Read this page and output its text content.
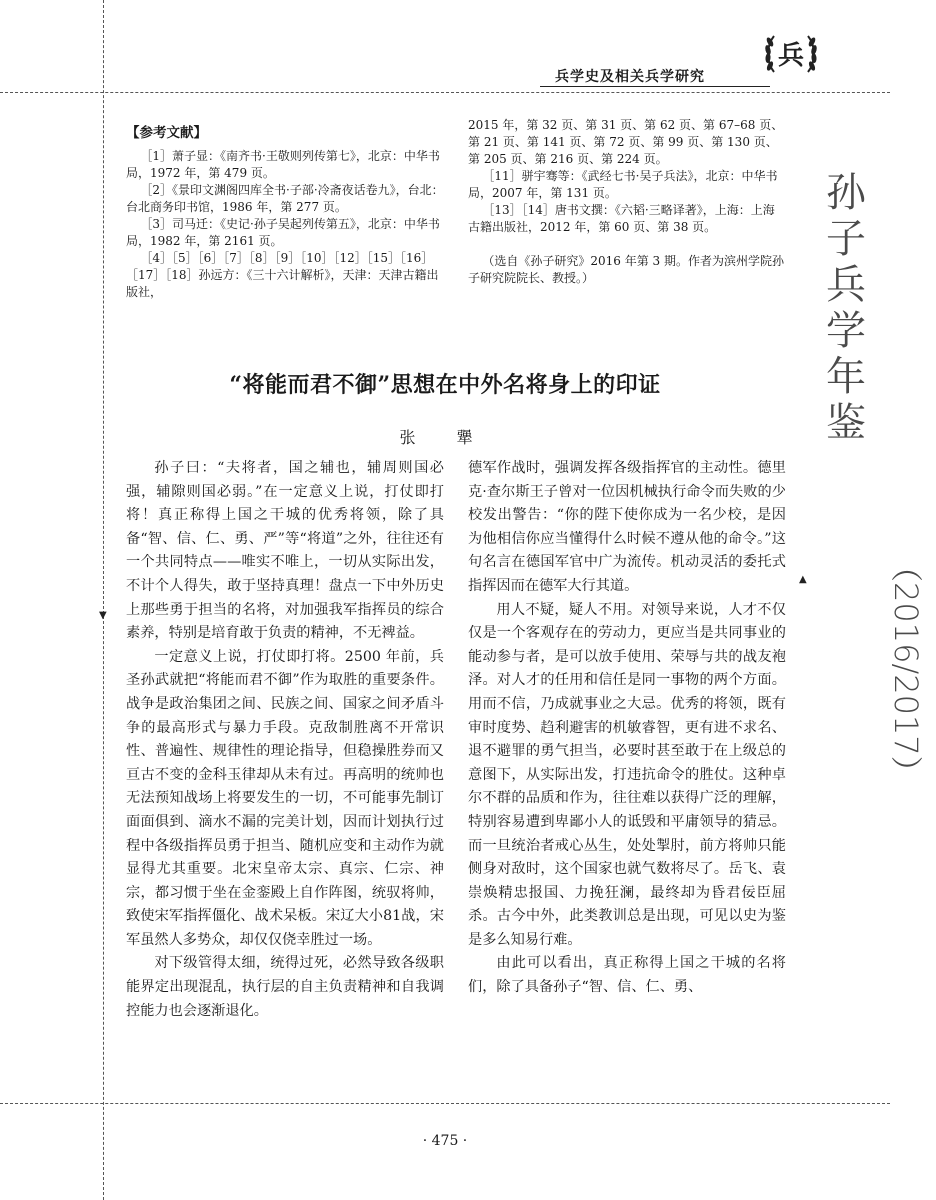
兵学史及相关兵学研究
兵
孙
子
兵
学
年
鉴
（2016/2017）
▼
▲
【参考文献】

［1］萧子显：《南齐书·王敬则列传第七》，北京：中华书局，1972 年，第 479 页。

［2］《景印文渊阁四库全书·子部·冷斋夜话卷九》，台北：台北商务印书馆，1986 年，第 277 页。

［3］司马迁：《史记·孙子吴起列传第五》，北京：中华书局，1982 年，第 2161 页。

［4］［5］［6］［7］［8］［9］［10］［12］［15］［16］［17］［18］孙远方：《三十六计解析》，天津：天津古籍出版社，

2015 年，第 32 页、第 31 页、第 62 页、第 67–68 页、第 21 页、第 141 页、第 72 页、第 99 页、第 130 页、第 205 页、第 216 页、第 224 页。

［11］骈宇骞等：《武经七书·吴子兵法》，北京：中华书局，2007 年，第 131 页。

［13］［14］唐书文撰：《六韬·三略译著》，上海：上海古籍出版社，2012 年，第 60 页、第 38 页。

（选自《孙子研究》2016 年第 3 期。作者为滨州学院孙子研究院院长、教授。）

“将能而君不御”思想在中外名将身上的印证
张 犟

孙子曰：“夫将者，国之辅也，辅周则国必强，辅隙则国必弱。”在一定意义上说，打仗即打将！真正称得上国之干城的优秀将领，除了具备“智、信、仁、勇、严”等“将道”之外，往往还有一个共同特点——唯实不唯上，一切从实际出发，不计个人得失，敢于坚持真理！盘点一下中外历史上那些勇于担当的名将，对加强我军指挥员的综合素养，特别是培育敢于负责的精神，不无裨益。

一定意义上说，打仗即打将。2500 年前，兵圣孙武就把“将能而君不御”作为取胜的重要条件。战争是政治集团之间、民族之间、国家之间矛盾斗争的最高形式与暴力手段。克敌制胜离不开常识性、普遍性、规律性的理论指导，但稳操胜券而又亘古不变的金科玉律却从未有过。再高明的统帅也无法预知战场上将要发生的一切，不可能事先制订面面俱到、滴水不漏的完美计划，因而计划执行过程中各级指挥员勇于担当、随机应变和主动作为就显得尤其重要。北宋皇帝太宗、真宗、仁宗、神宗，都习惯于坐在金銮殿上自作阵图，统驭将帅，致使宋军指挥僵化、战术呆板。宋辽大小81战，宋军虽然人多势众，却仅仅侥幸胜过一场。

对下级管得太细，统得过死，必然导致各级职能界定出现混乱，执行层的自主负责精神和自我调控能力也会逐渐退化。

德军作战时，强调发挥各级指挥官的主动性。德里克·查尔斯王子曾对一位因机械执行命令而失败的少校发出警告：“你的陛下使你成为一名少校，是因为他相信你应当懂得什么时候不遵从他的命令。”这句名言在德国军官中广为流传。机动灵活的委托式指挥因而在德军大行其道。

用人不疑，疑人不用。对领导来说，人才不仅仅是一个客观存在的劳动力，更应当是共同事业的能动参与者，是可以放手使用、荣辱与共的战友袍泽。对人才的任用和信任是同一事物的两个方面。用而不信，乃成就事业之大忌。优秀的将领，既有审时度势、趋利避害的机敏睿智，更有进不求名、退不避罪的勇气担当，必要时甚至敢于在上级总的意图下，从实际出发，打违抗命令的胜仗。这种卓尔不群的品质和作为，往往难以获得广泛的理解，特别容易遭到卑鄙小人的诋毁和平庸领导的猜忌。而一旦统治者戒心丛生，处处掣肘，前方将帅只能侧身对敌时，这个国家也就气数将尽了。岳飞、袁崇焕精忠报国、力挽狂澜，最终却为昏君佞臣屈杀。古今中外，此类教训总是出现，可见以史为鉴是多么知易行难。

由此可以看出，真正称得上国之干城的名将们，除了具备孙子“智、信、仁、勇、

· 475 ·
